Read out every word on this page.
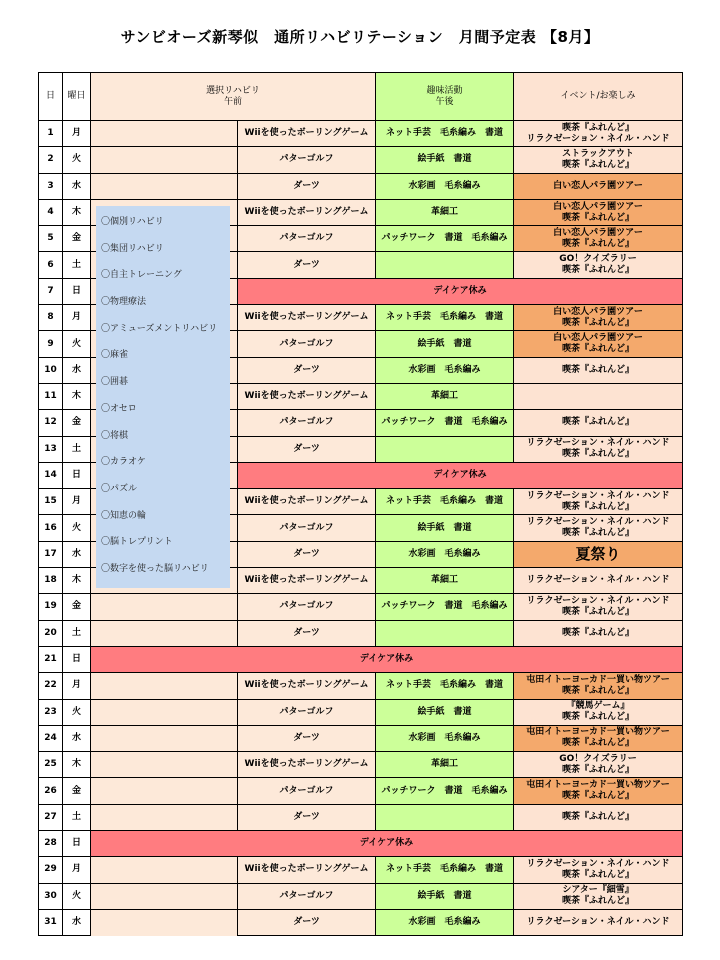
サンビオーズ新琴似　通所リハビリテーション　月間予定表 【8月】
日	曜日	選択リハビリ
午前		趣味活動
午後	イベント/お楽しみ
1	月		Wiiを使ったボーリングゲーム	ネット手芸　毛糸編み　書道	喫茶『ふれんど』
リラクゼーション・ネイル・ハンド
2	火		パターゴルフ	絵手紙　書道	ストラックアウト
喫茶『ふれんど』
3	水		ダーツ	水彩画　毛糸編み	白い恋人パラ園ツアー
4	木		Wiiを使ったボーリングゲーム	革細工	白い恋人パラ園ツアー
喫茶『ふれんど』
5	金		パターゴルフ	パッチワーク　書道　毛糸編み	白い恋人パラ園ツアー
喫茶『ふれんど』
6	土		ダーツ		GO！クイズラリー
喫茶『ふれんど』
7	日		デイケア休み		
8	月		Wiiを使ったボーリングゲーム	ネット手芸　毛糸編み　書道	白い恋人パラ園ツアー
喫茶『ふれんど』
9	火		パターゴルフ	絵手紙　書道	白い恋人パラ園ツアー
喫茶『ふれんど』
10	水		ダーツ	水彩画　毛糸編み	喫茶『ふれんど』
11	木		Wiiを使ったボーリングゲーム	革細工	
12	金		パターゴルフ	パッチワーク　書道　毛糸編み	喫茶『ふれんど』
13	土		ダーツ		リラクゼーション・ネイル・ハンド
喫茶『ふれんど』
14	日		デイケア休み		
15	月		Wiiを使ったボーリングゲーム	ネット手芸　毛糸編み　書道	リラクゼーション・ネイル・ハンド
喫茶『ふれんど』
16	火		パターゴルフ	絵手紙　書道	リラクゼーション・ネイル・ハンド
喫茶『ふれんど』
17	水		ダーツ	水彩画　毛糸編み	夏祭り
18	木		Wiiを使ったボーリングゲーム	革細工	リラクゼーション・ネイル・ハンド
19	金		パターゴルフ	パッチワーク　書道　毛糸編み	リラクゼーション・ネイル・ハンド
喫茶『ふれんど』
20	土		ダーツ		喫茶『ふれんど』
21	日	デイケア休み			
22	月		Wiiを使ったボーリングゲーム	ネット手芸　毛糸編み　書道	屯田イトーヨーカド一買い物ツアー
喫茶『ふれんど』
23	火		パターゴルフ	絵手紙　書道	『競馬ゲーム』
喫茶『ふれんど』
24	水		ダーツ	水彩画　毛糸編み	屯田イトーヨーカド一買い物ツアー
喫茶『ふれんど』
25	木		Wiiを使ったボーリングゲーム	革細工	GO！クイズラリー
喫茶『ふれんど』
26	金		パターゴルフ	パッチワーク　書道　毛糸編み	屯田イトーヨーカド一買い物ツアー
喫茶『ふれんど』
27	土		ダーツ		喫茶『ふれんど』
28	日	デイケア休み			
29	月		Wiiを使ったボーリングゲーム	ネット手芸　毛糸編み　書道	リラクゼーション・ネイル・ハンド
喫茶『ふれんど』
30	火		パターゴルフ	絵手紙　書道	シアター『細雪』
喫茶『ふれんど』
31	水		ダーツ	水彩画　毛糸編み	リラクゼーション・ネイル・ハンド
〇個別リハビリ
〇集団リハビリ
〇自主トレーニング
〇物理療法
〇アミューズメントリハビリ
〇麻雀
〇囲碁
〇オセロ
〇将棋
〇カラオケ
〇パズル
〇知恵の輪
〇脳トレプリント
〇数字を使った脳リハビリ
